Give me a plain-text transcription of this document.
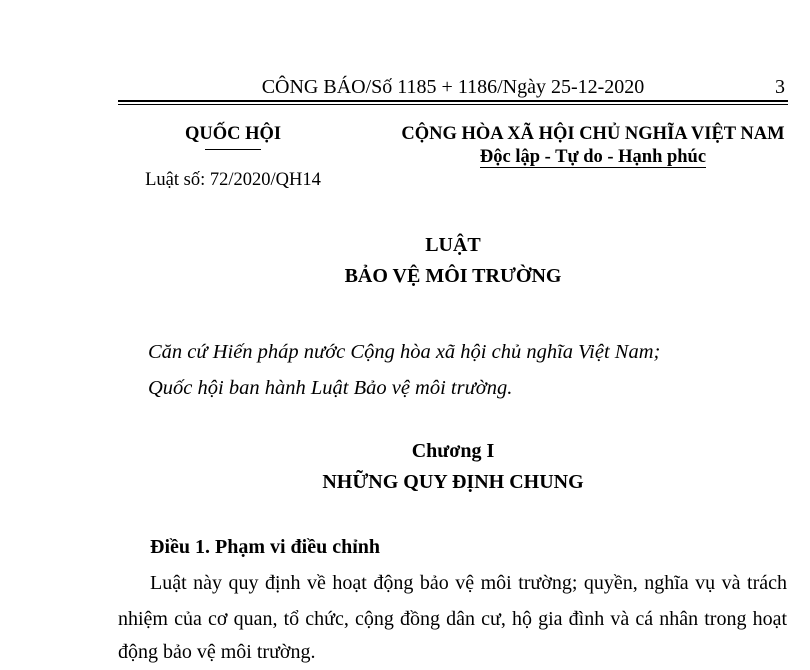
CÔNG BÁO/Số 1185 + 1186/Ngày 25-12-2020	3
QUỐC HỘI
Luật số: 72/2020/QH14
CỘNG HÒA XÃ HỘI CHỦ NGHĨA VIỆT NAM
Độc lập - Tự do - Hạnh phúc
LUẬT
BẢO VỆ MÔI TRƯỜNG
Căn cứ Hiến pháp nước Cộng hòa xã hội chủ nghĩa Việt Nam;
Quốc hội ban hành Luật Bảo vệ môi trường.
Chương I
NHỮNG QUY ĐỊNH CHUNG
Điều 1. Phạm vi điều chỉnh
Luật này quy định về hoạt động bảo vệ môi trường; quyền, nghĩa vụ và trách
nhiệm của cơ quan, tổ chức, cộng đồng dân cư, hộ gia đình và cá nhân trong hoạt
động bảo vệ môi trường.
